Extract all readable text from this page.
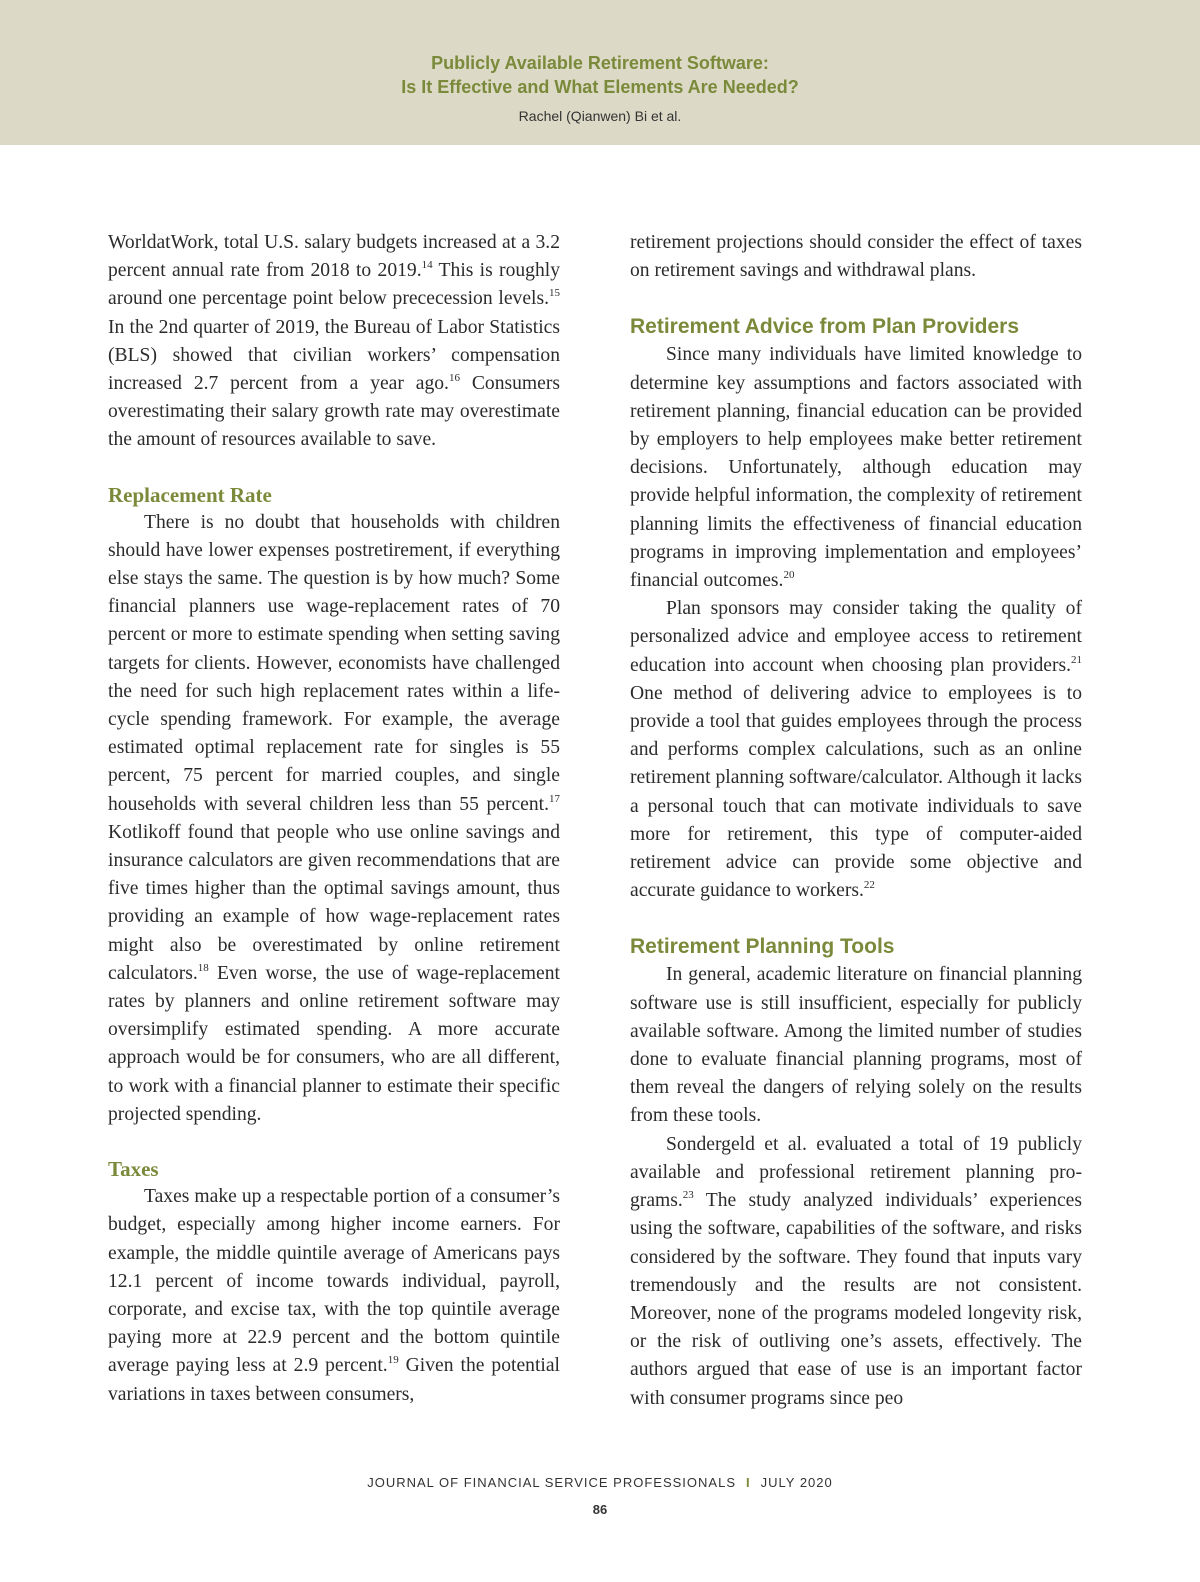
Publicly Available Retirement Software:
Is It Effective and What Elements Are Needed?
Rachel (Qianwen) Bi et al.

WorldatWork, total U.S. salary budgets increased at a 3.2 percent annual rate from 2018 to 2019.14 This is roughly around one percentage point below prececession levels.$^{15}$ In the 2nd quarter of 2019, the Bureau of Labor Statistics (BLS) showed that civilian workers’ compensation increased 2.7 percent from a year ago.$^{16}$ Consumers overestimating their salary growth rate may overestimate the amount of resources available to save.

Replacement Rate

There is no doubt that households with children should have lower expenses postretirement, if everything else stays the same. The question is by how much? Some financial planners use wage-replacement rates of 70 percent or more to estimate spending when setting saving targets for clients. However, economists have challenged the need for such high replacement rates within a life-cycle spending framework. For example, the average estimated optimal replacement rate for singles is 55 percent, 75 percent for married couples, and single households with several children less than 55 percent.$^{17}$ Kotlikoff found that people who use online savings and insurance calculators are given recommendations that are five times higher than the optimal savings amount, thus providing an example of how wage-replacement rates might also be overestimated by online retirement calculators.$^{18}$ Even worse, the use of wage-replacement rates by planners and online retirement software may oversimplify estimated spending. A more accurate approach would be for consumers, who are all different, to work with a financial planner to estimate their specific projected spending.

Taxes

Taxes make up a respectable portion of a consumer’s budget, especially among higher income earners. For example, the middle quintile average of Americans pays 12.1 percent of income towards individual, payroll, corporate, and excise tax, with the top quintile average paying more at 22.9 percent and the bottom quintile average paying less at 2.9 percent.$^{19}$ Given the potential variations in taxes between consumers,

retirement projections should consider the effect of taxes on retirement savings and withdrawal plans.

Retirement Advice from Plan Providers

Since many individuals have limited knowledge to determine key assumptions and factors associated with retirement planning, financial education can be provided by employers to help employees make better retirement decisions. Unfortunately, although education may provide helpful information, the complexity of retirement planning limits the effectiveness of financial education programs in improving implementation and employees’ financial outcomes.$^{20}$

Plan sponsors may consider taking the quality of personalized advice and employee access to retirement education into account when choosing plan providers.$^{21}$ One method of delivering advice to employees is to provide a tool that guides employees through the process and performs complex calculations, such as an online retirement planning software/calculator. Although it lacks a personal touch that can motivate individuals to save more for retirement, this type of computer-aided retirement advice can provide some objective and accurate guidance to workers.$^{22}$

Retirement Planning Tools

In general, academic literature on financial planning software use is still insufficient, especially for publicly available software. Among the limited number of studies done to evaluate financial planning programs, most of them reveal the dangers of relying solely on the results from these tools.

Sondergeld et al. evaluated a total of 19 publicly available and professional retirement planning programs.$^{23}$ The study analyzed individuals’ experiences using the software, capabilities of the software, and risks considered by the software. They found that inputs vary tremendously and the results are not consistent. Moreover, none of the programs modeled longevity risk, or the risk of outliving one’s assets, effectively. The authors argued that ease of use is an important factor with consumer programs since peo

JOURNAL OF FINANCIAL SERVICE PROFESSIONALS I JULY 2020
86
